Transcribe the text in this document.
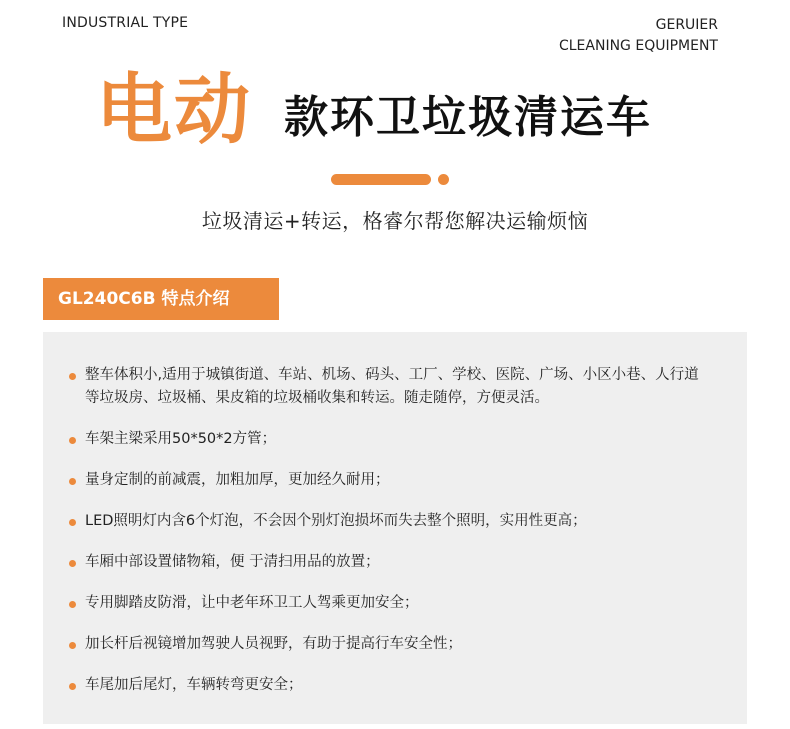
INDUSTRIAL TYPE	GERUIER
CLEANING EQUIPMENT
电动 款环卫垃圾清运车
垃圾清运+转运，格睿尔帮您解决运输烦恼
GL240C6B 特点介绍
整车体积小,适用于城镇街道、车站、机场、码头、工厂、学校、医院、广场、小区小巷、人行道等垃圾房、垃圾桶、果皮箱的垃圾桶收集和转运。随走随停，方便灵活。
车架主梁采用50*50*2方管；
量身定制的前减震，加粗加厚，更加经久耐用；
LED照明灯内含6个灯泡，不会因个别灯泡损坏而失去整个照明，实用性更高；
车厢中部设置储物箱，便 于清扫用品的放置；
专用脚踏皮防滑，让中老年环卫工人驾乘更加安全；
加长杆后视镜增加驾驶人员视野，有助于提高行车安全性；
车尾加后尾灯，车辆转弯更安全；
